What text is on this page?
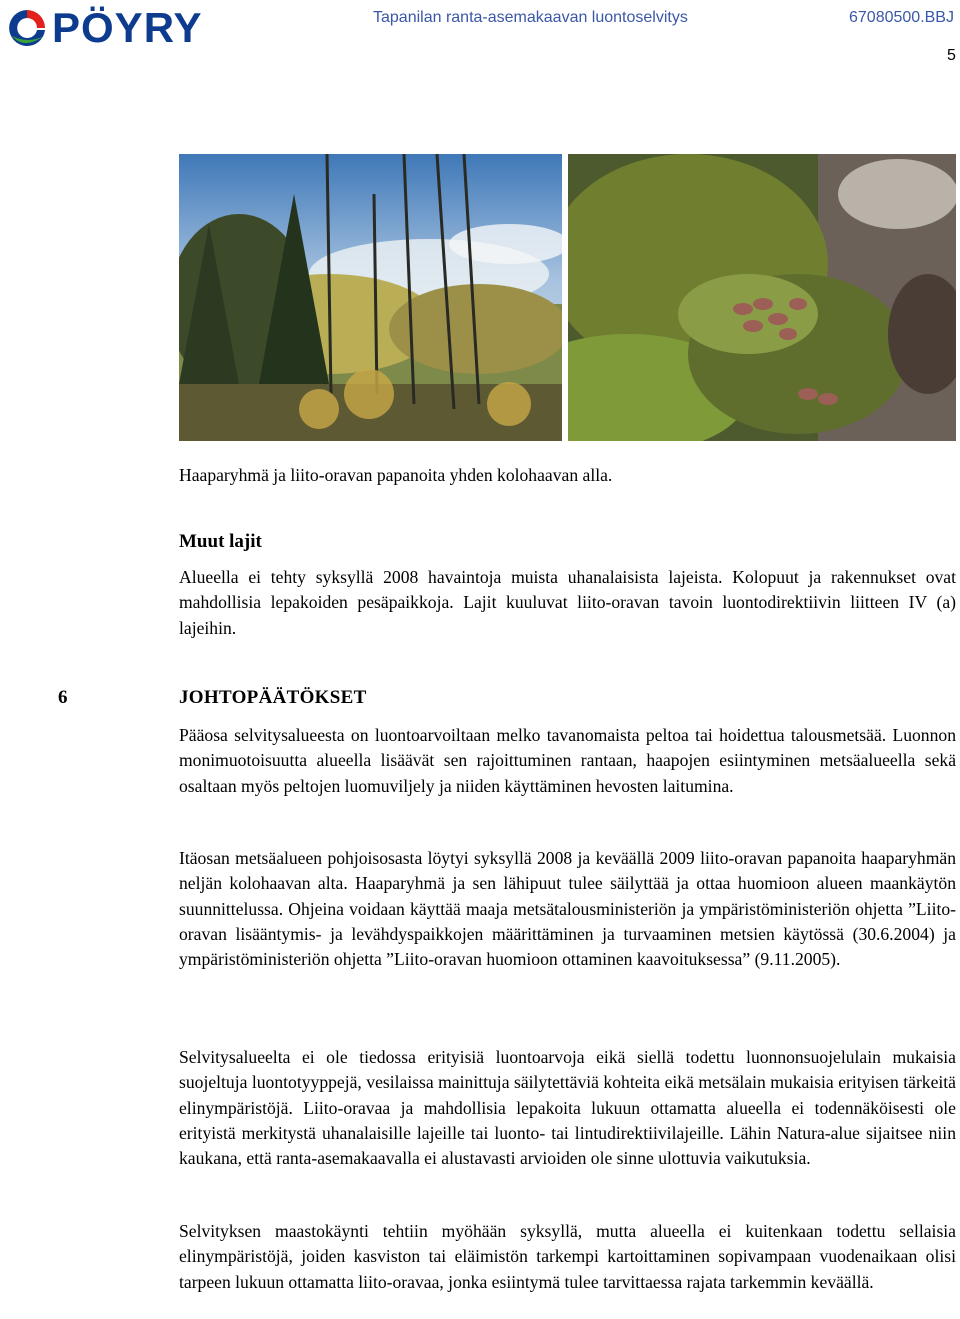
PÖYRY	Tapanilan ranta-asemakaavan luontoselvitys	67080500.BBJ
5

Haaparyhmä ja liito-oravan papanoita yhden kolohaavan alla.

Muut lajit

Alueella ei tehty syksyllä 2008 havaintoja muista uhanalaisista lajeista. Kolopuut ja rakennukset ovat mahdollisia lepakoiden pesäpaikkoja. Lajit kuuluvat liito-oravan tavoin luontodirektiivin liitteen IV (a) lajeihin.

6	JOHTOPÄÄTÖKSET

Pääosa selvitysalueesta on luontoarvoiltaan melko tavanomaista peltoa tai hoidettua talousmetsää. Luonnon monimuotoisuutta alueella lisäävät sen rajoittuminen rantaan, haapojen esiintyminen metsäalueella sekä osaltaan myös peltojen luomuviljely ja niiden käyttäminen hevosten laitumina.

Itäosan metsäalueen pohjoisosasta löytyi syksyllä 2008 ja keväällä 2009 liito-oravan papanoita haaparyhmän neljän kolohaavan alta. Haaparyhmä ja sen lähipuut tulee säilyttää ja ottaa huomioon alueen maankäytön suunnittelussa. Ohjeina voidaan käyttää maaja metsätalousministeriön ja ympäristöministeriön ohjetta ”Liito-oravan lisääntymis- ja levähdyspaikkojen määrittäminen ja turvaaminen metsien käytössä (30.6.2004) ja ympäristöministeriön ohjetta ”Liito-oravan huomioon ottaminen kaavoituksessa” (9.11.2005).

Selvitysalueelta ei ole tiedossa erityisiä luontoarvoja eikä siellä todettu luonnonsuojelulain mukaisia suojeltuja luontotyyppejä, vesilaissa mainittuja säilytettäviä kohteita eikä metsälain mukaisia erityisen tärkeitä elinympäristöjä. Liito-oravaa ja mahdollisia lepakoita lukuun ottamatta alueella ei todennäköisesti ole erityistä merkitystä uhanalaisille lajeille tai luonto- tai lintudirektiivilajeille. Lähin Natura-alue sijaitsee niin kaukana, että ranta-asemakaavalla ei alustavasti arvioiden ole sinne ulottuvia vaikutuksia.

Selvityksen maastokäynti tehtiin myöhään syksyllä, mutta alueella ei kuitenkaan todettu sellaisia elinympäristöjä, joiden kasviston tai eläimistön tarkempi kartoittaminen sopivampaan vuodenaikaan olisi tarpeen lukuun ottamatta liito-oravaa, jonka esiintymä tulee tarvittaessa rajata tarkemmin keväällä.
